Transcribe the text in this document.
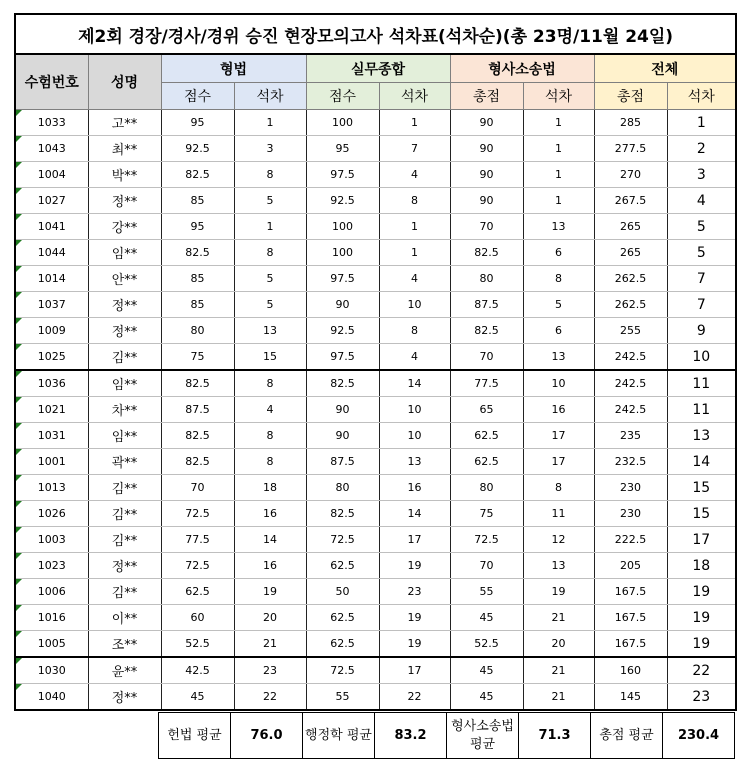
제2회 경장/경사/경위 승진 현장모의고사 석차표(석차순)(총 23명/11월 24일)									
수험번호	성명	형법		실무종합		형사소송법		전체	
		점수	석차	점수	석차	총점	석차	총점	석차

1033	고**	95	1	100	1	90	1	285	1

1043	최**	92.5	3	95	7	90	1	277.5	2

1004	박**	82.5	8	97.5	4	90	1	270	3

1027	정**	85	5	92.5	8	90	1	267.5	4

1041	강**	95	1	100	1	70	13	265	5

1044	임**	82.5	8	100	1	82.5	6	265	5

1014	안**	85	5	97.5	4	80	8	262.5	7

1037	정**	85	5	90	10	87.5	5	262.5	7

1009	정**	80	13	92.5	8	82.5	6	255	9

1025	김**	75	15	97.5	4	70	13	242.5	10

1036	임**	82.5	8	82.5	14	77.5	10	242.5	11

1021	차**	87.5	4	90	10	65	16	242.5	11

1031	임**	82.5	8	90	10	62.5	17	235	13

1001	곽**	82.5	8	87.5	13	62.5	17	232.5	14

1013	김**	70	18	80	16	80	8	230	15

1026	김**	72.5	16	82.5	14	75	11	230	15

1003	김**	77.5	14	72.5	17	72.5	12	222.5	17

1023	정**	72.5	16	62.5	19	70	13	205	18

1006	김**	62.5	19	50	23	55	19	167.5	19

1016	이**	60	20	62.5	19	45	21	167.5	19

1005	조**	52.5	21	62.5	19	52.5	20	167.5	19

1030	윤**	42.5	23	72.5	17	45	21	160	22

1040	정**	45	22	55	22	45	21	145	23
헌법 평균	76.0	행정학 평균	83.2	형사소송법 평균	71.3	총점 평균	230.4
